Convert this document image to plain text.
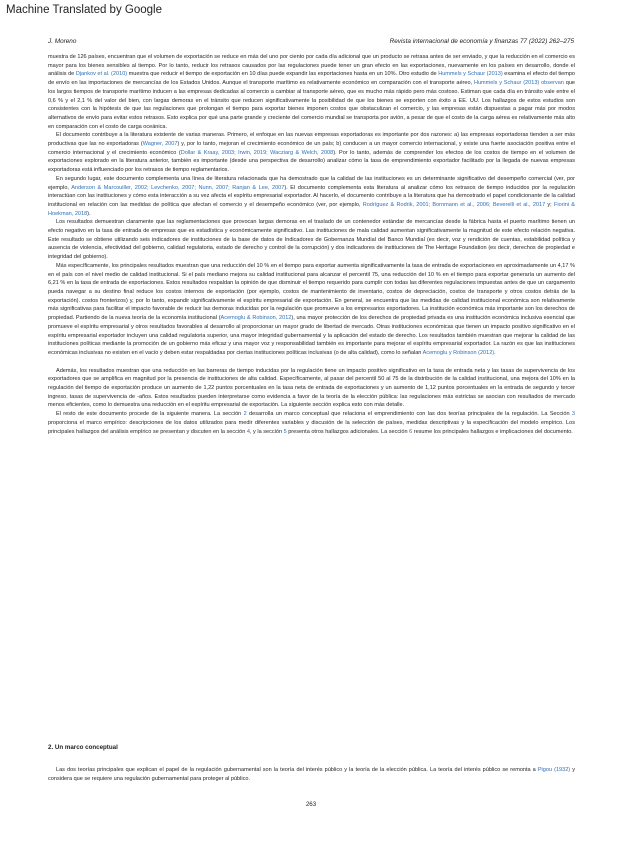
Machine Translated by Google
J. Moreno	Revista internacional de economía y finanzas 77 (2022) 262–275

muestra de 126 países, encuentran que el volumen de exportación se reduce en más del uno por ciento por cada día adicional que un producto se retrasa antes de ser enviado, y que la reducción en el comercio es mayor para los bienes sensibles al tiempo. Por lo tanto, reducir los retrasos causados por las regulaciones puede tener un gran efecto en las exportaciones, nuevamente en los países en desarrollo, donde el análisis de Djankov et al. (2010) muestra que reducir el tiempo de exportación en 10 días puede expandir las exportaciones hasta en un 10%. Otro estudio de Hummels y Schaur (2013) examina el efecto del tiempo de envío en las importaciones de mercancías de los Estados Unidos. Aunque el transporte marítimo es relativamente económico en comparación con el transporte aéreo, Hummels y Schaur (2013) observan que los largos tiempos de transporte marítimo inducen a las empresas dedicadas al comercio a cambiar al transporte aéreo, que es mucho más rápido pero más costoso. Estiman que cada día en tránsito vale entre el 0,6 % y el 2,1 % del valor del bien, con largas demoras en el tránsito que reducen significativamente la posibilidad de que los bienes se exporten con éxito a EE. UU. Los hallazgos de estos estudios son consistentes con la hipótesis de que las regulaciones que prolongan el tiempo para exportar bienes imponen costos que obstaculizan el comercio, y las empresas están dispuestas a pagar más por modos alternativos de envío para evitar estos retrasos. Esto explica por qué una parte grande y creciente del comercio mundial se transporta por avión, a pesar de que el costo de la carga aérea es relativamente más alto en comparación con el costo de carga oceánica.

El documento contribuye a la literatura existente de varias maneras. Primero, el enfoque en las nuevas empresas exportadoras es importante por dos razones: a) las empresas exportadoras tienden a ser más productivas que las no exportadoras (Wagner, 2007) y, por lo tanto, mejoran el crecimiento económico de un país; b) conducen a un mayor comercio internacional, y existe una fuerte asociación positiva entre el comercio internacional y el crecimiento económico (Dollar & Kraay, 2003; Irwin, 2019; Wacziarg & Welch, 2008). Por lo tanto, además de comprender los efectos de los costos de tiempo en el volumen de exportaciones explorado en la literatura anterior, también es importante (desde una perspectiva de desarrollo) analizar cómo la tasa de emprendimiento exportador facilitado por la llegada de nuevas empresas exportadoras está influenciado por los retrasos de tiempo reglamentarios.

En segundo lugar, este documento complementa una línea de literatura relacionada que ha demostrado que la calidad de las instituciones es un determinante significativo del desempeño comercial (ver, por ejemplo, Anderson & Marcouiller, 2002; Levchenko, 2007; Nunn, 2007; Ranjan & Lee, 2007). El documento complementa esta literatura al analizar cómo los retrasos de tiempo inducidos por la regulación interactúan con las instituciones y cómo esta interacción a su vez afecta el espíritu empresarial exportador. Al hacerlo, el documento contribuye a la literatura que ha demostrado el papel condicionante de la calidad institucional en relación con las medidas de política que afectan el comercio y el desempeño económico (ver, por ejemplo, Rodríguez & Rodrik, 2001; Bornmann et al., 2006; Beverelli et al., 2017 y; Fiorini & Hoekman, 2018).

Los resultados demuestran claramente que las reglamentaciones que provocan largas demoras en el traslado de un contenedor estándar de mercancías desde la fábrica hasta el puerto marítimo tienen un efecto negativo en la tasa de entrada de empresas que es estadística y económicamente significativo. Las instituciones de mala calidad aumentan significativamente la magnitud de este efecto relación negativa. Este resultado se obtiene utilizando seis indicadores de instituciones de la base de datos de Indicadores de Gobernanza Mundial del Banco Mundial (es decir, voz y rendición de cuentas, estabilidad política y ausencia de violencia, efectividad del gobierno, calidad regulatoria, estado de derecho y control de la corrupción) y dos indicadores de instituciones de The Heritage Foundation (es decir, derechos de propiedad e integridad del gobierno).

Más específicamente, los principales resultados muestran que una reducción del 10 % en el tiempo para exportar aumenta significativamente la tasa de entrada de exportaciones en aproximadamente un 4,17 % en el país con el nivel medio de calidad institucional. Si el país mediano mejora su calidad institucional para alcanzar el percentil 75, una reducción del 10 % en el tiempo para exportar generaría un aumento del 6,21 % en la tasa de entrada de exportaciones. Estos resultados respaldan la opinión de que disminuir el tiempo requerido para cumplir con todas las diferentes regulaciones impuestas antes de que un cargamento pueda navegar a su destino final reduce los costos internos de exportación (por ejemplo, costos de mantenimiento de inventario, costos de depreciación, costos de transporte y otros costos detrás de la exportación). costos fronterizos) y, por lo tanto, expandir significativamente el espíritu empresarial de exportación. En general, se encuentra que las medidas de calidad institucional económica son relativamente más significativas para facilitar el impacto favorable de reducir las demoras inducidas por la regulación que promueve a los empresarios exportadores. La institución económica más importante son los derechos de propiedad. Partiendo de la nueva teoría de la economía institucional (Acemoglu & Robinson, 2012), una mayor protección de los derechos de propiedad privada es una institución económica inclusiva esencial que promueve el espíritu empresarial y otros resultados favorables al desarrollo al proporcionar un mayor grado de libertad de mercado. Otras instituciones económicas que tienen un impacto positivo significativo en el espíritu empresarial exportador incluyen una calidad regulatoria superior, una mayor integridad gubernamental y la aplicación del estado de derecho. Los resultados también muestran que mejorar la calidad de las instituciones políticas mediante la promoción de un gobierno más eficaz y una mayor voz y responsabilidad también es importante para mejorar el espíritu empresarial exportador. La razón es que las instituciones económicas inclusivas no existen en el vacío y deben estar respaldadas por ciertas instituciones políticas inclusivas (o de alta calidad), como lo señalan Acemoglu y Robinson (2012).

Además, los resultados muestran que una reducción en las barreras de tiempo inducidas por la regulación tiene un impacto positivo significativo en la tasa de entrada neta y las tasas de supervivencia de los exportadores que se amplifica en magnitud por la presencia de instituciones de alta calidad. Específicamente, al pasar del percentil 50 al 75 de la distribución de la calidad institucional, una mejora del 10% en la regulación del tiempo de exportación produce un aumento de 1,22 puntos porcentuales en la tasa neta de entrada de exportaciones y un aumento de 1,12 puntos porcentuales en la entrada de segundo y tercer ingreso. tasas de supervivencia de -años. Estos resultados pueden interpretarse como evidencia a favor de la teoría de la elección pública: las regulaciones más estrictas se asocian con resultados de mercado menos eficientes, como lo demuestra una reducción en el espíritu empresarial de exportación. La siguiente sección explica esto con más detalle.

El resto de este documento procede de la siguiente manera. La sección 2 desarrolla un marco conceptual que relaciona el emprendimiento con las dos teorías principales de la regulación. La Sección 3 proporciona el marco empírico: descripciones de los datos utilizados para medir diferentes variables y discusión de la selección de países, medidas descriptivas y la especificación del modelo empírico. Los principales hallazgos del análisis empírico se presentan y discuten en la sección 4, y la sección 5 presenta otros hallazgos adicionales. La sección 6 resume los principales hallazgos e implicaciones del documento.

2. Un marco conceptual

Las dos teorías principales que explican el papel de la regulación gubernamental son la teoría del interés público y la teoría de la elección pública. La teoría del interés público se remonta a Pigou (1932) y considera que se requiere una regulación gubernamental para proteger al público.

263
